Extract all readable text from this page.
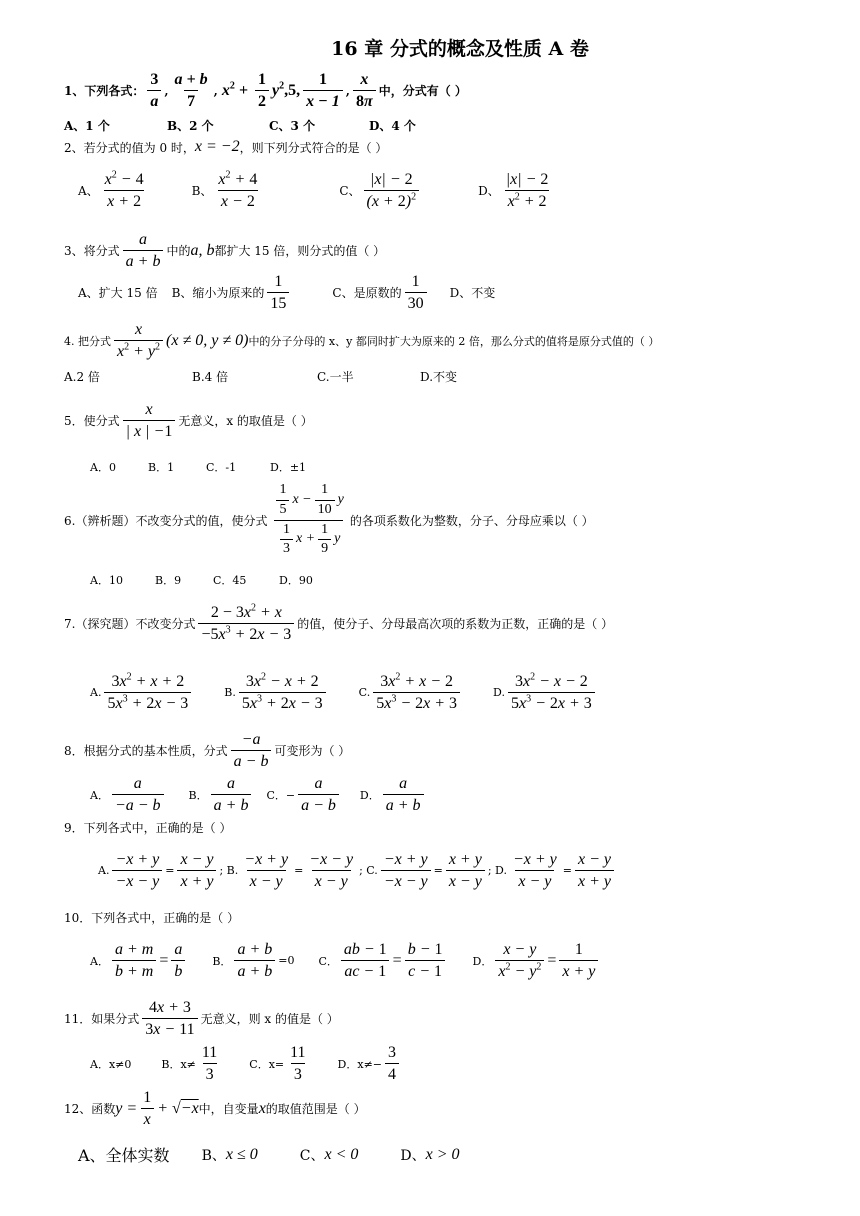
16 章 分式的概念及性质 A 卷
1、下列各式： $\frac{3}{a}$ , $\frac{a + b}{7}$ , $x^2 + \frac{1}{2} y^2$ ,5, $\frac{1}{x - 1}$ , $\frac{x}{8\pi}$ 中，分式有（ ）
A、1 个	B、2 个	C、3 个	D、4 个
2、若分式的值为 0 时， x = −2 ，则下列分式符合的是（ ）
A、 $\frac{x^2 - 4}{x + 2}$	B、 $\frac{x^2 + 4}{x - 2}$	C、 $\frac{|x| - 2}{(x + 2)^2}$	D、 $\frac{|x| - 2}{x^2 + 2}$
3、将分式 $\frac{a}{a + b}$ 中的 a, b 都扩大 15 倍，则分式的值（ ）
A、扩大 15 倍 B、缩小为原来的 $\frac{1}{15}$	C、是原数的 $\frac{1}{30}$ D、不变
4. 把分式 $\frac{x}{x^2 + y^2} (x \ne 0$, y ≠ 0) 中的分子分母的 x、y 都同时扩大为原来的 2 倍，那么分式的值将是原分式值的（ ）
A.2 倍	B.4 倍	C.一半	D.不变
5．使分式 $\frac{x}{| x | -1}$ 无意义，x 的取值是（ ）
A．0	B．1	C．-1	D．±1
6.（辨析题）不改变分式的值，使分式 $\frac{\frac{1}{5} x - \frac{1}{10} y}{\frac{1}{3} x + \frac{1}{9} y}$ 的各项系数化为整数，分子、分母应乘以（ ）
A．10	B．9	C．45	D．90
7.（探究题）不改变分式 $\frac{2 - 3x^2 + x}{-5x^3 + 2x - 3}$ 的值，使分子、分母最高次项的系数为正数，正确的是（ ）
A. $\frac{3x^2 + x + 2}{5x^3 + 2x - 3}$	B. $\frac{3x^2 - x + 2}{5x^3 + 2x - 3}$	C. $\frac{3x^2 + x - 2}{5x^3 - 2x + 3}$	D. $\frac{3x^2 - x - 2}{5x^3 - 2x + 3}$
8．根据分式的基本性质，分式 $\frac{-a}{a - b}$ 可变形为（ ）
A． $\frac{a}{-a - b}$ B． $\frac{a}{a + b}$ C．− $\frac{a}{a - b}$ D． $\frac{a}{a + b}$
9．下列各式中，正确的是（ ）
A. $\frac{-x + y}{-x - y} = \frac{x - y}{x + y}$ ; B. $\frac{-x + y}{x - y} = \frac{-x - y}{x - y}$ ; C. $\frac{-x + y}{-x - y} = \frac{x + y}{x - y}$ ; D. $\frac{-x + y}{x - y} = \frac{x - y}{x + y}$
10．下列各式中，正确的是（ ）
A． $\frac{a + m}{b + m} = \frac{a}{b}$ B． $\frac{a + b}{a + b} =0$ C． $\frac{ab - 1}{ac - 1} = \frac{b - 1}{c - 1}$ D． $\frac{x - y}{x^2 - y^2} = \frac{1}{x + y}$
11．如果分式 $\frac{4x + 3}{3x - 11}$ 无意义，则 x 的值是（ ）
A．x≠0	B．$x\ne \frac{11}{3}$	C．$x= \frac{11}{3}$	D．$x\ne- \frac{3}{4}$
12、函数 $y = \frac{1}{x} + √-x$ 中，自变量 x 的取值范围是（ ）
A、全体实数 B、 x ≤ 0	C、 x < 0	D、 x > 0
